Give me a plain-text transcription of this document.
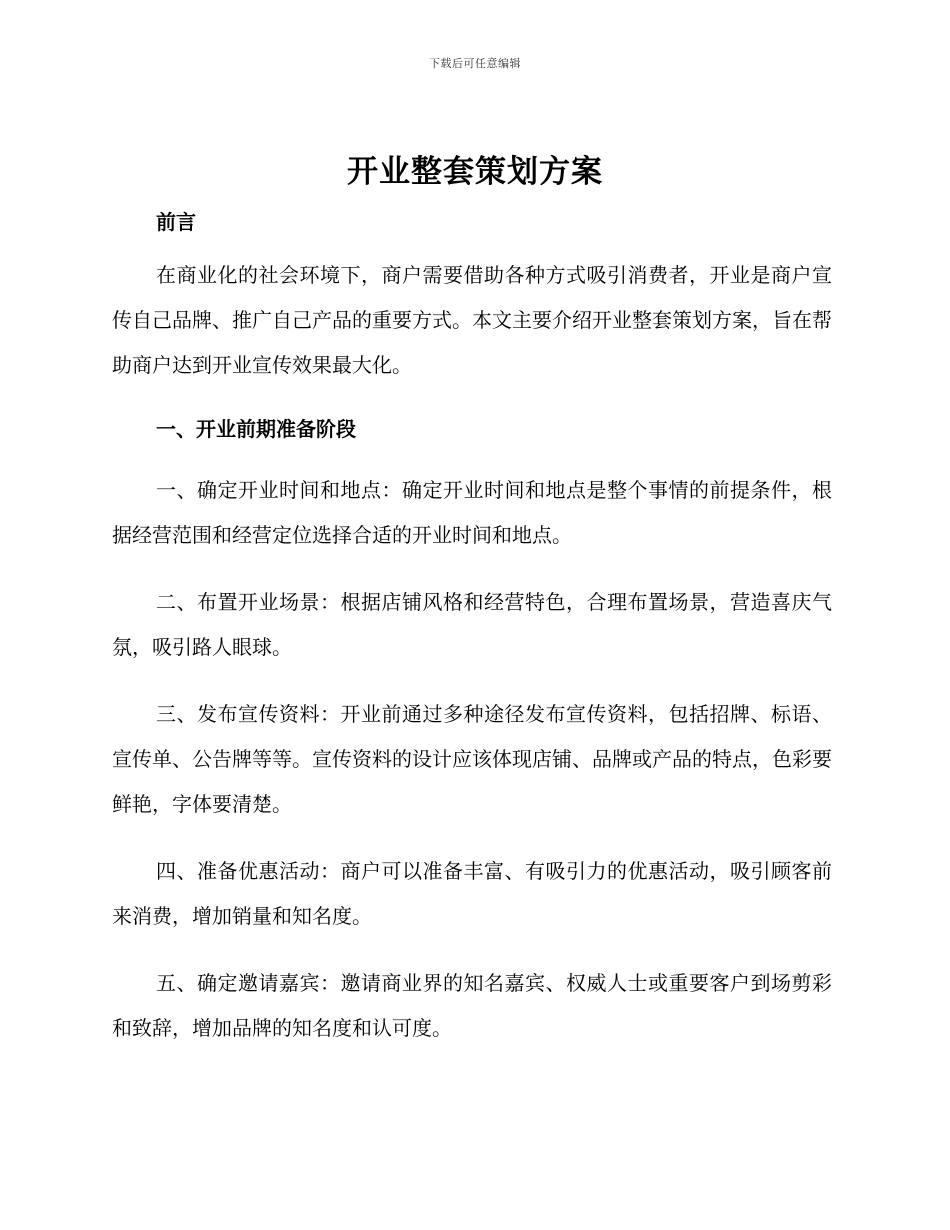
下载后可任意编辑
开业整套策划方案

前言

在商业化的社会环境下，商户需要借助各种方式吸引消费者，开业是商户宣传自己品牌、推广自己产品的重要方式。本文主要介绍开业整套策划方案，旨在帮助商户达到开业宣传效果最大化。

一、开业前期准备阶段

一、确定开业时间和地点：确定开业时间和地点是整个事情的前提条件，根据经营范围和经营定位选择合适的开业时间和地点。

二、布置开业场景：根据店铺风格和经营特色，合理布置场景，营造喜庆气氛，吸引路人眼球。

三、发布宣传资料：开业前通过多种途径发布宣传资料，包括招牌、标语、宣传单、公告牌等等。宣传资料的设计应该体现店铺、品牌或产品的特点，色彩要鲜艳，字体要清楚。

四、准备优惠活动：商户可以准备丰富、有吸引力的优惠活动，吸引顾客前来消费，增加销量和知名度。

五、确定邀请嘉宾：邀请商业界的知名嘉宾、权威人士或重要客户到场剪彩和致辞，增加品牌的知名度和认可度。
